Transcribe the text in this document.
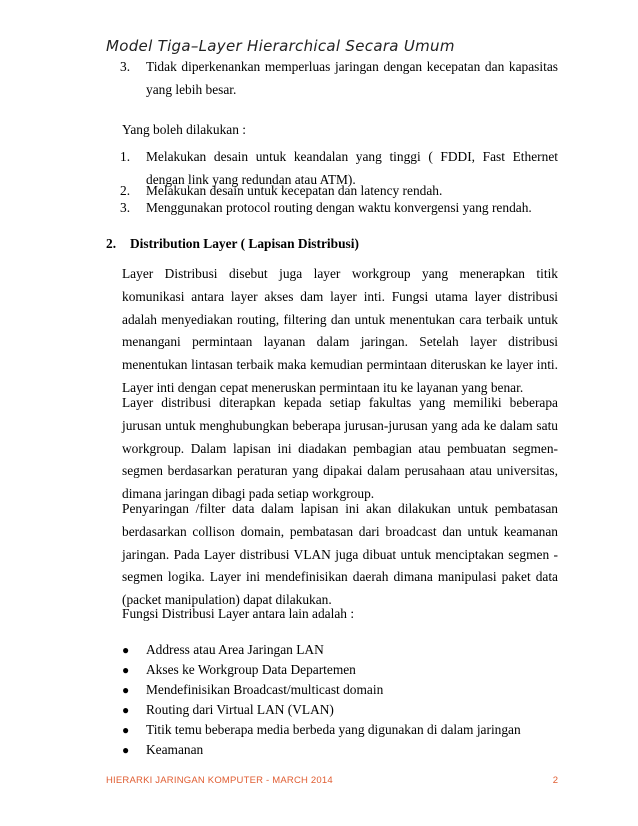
Model Tiga–Layer Hierarchical Secara Umum
3. Tidak diperkenankan memperluas jaringan dengan kecepatan dan kapasitas yang lebih besar.
Yang boleh dilakukan :
1. Melakukan desain untuk keandalan yang tinggi ( FDDI, Fast Ethernet dengan link yang redundan atau ATM).
2. Melakukan desain untuk kecepatan dan latency rendah.
3. Menggunakan protocol routing dengan waktu konvergensi yang rendah.
2. Distribution Layer ( Lapisan Distribusi)
Layer Distribusi disebut juga layer workgroup yang menerapkan titik komunikasi antara layer akses dam layer inti. Fungsi utama layer distribusi adalah menyediakan routing, filtering dan untuk menentukan cara terbaik untuk menangani permintaan layanan dalam jaringan. Setelah layer distribusi menentukan lintasan terbaik maka kemudian permintaan diteruskan ke layer inti. Layer inti dengan cepat meneruskan permintaan itu ke layanan yang benar.
Layer distribusi diterapkan kepada setiap fakultas yang memiliki beberapa jurusan untuk menghubungkan beberapa jurusan-jurusan yang ada ke dalam satu workgroup. Dalam lapisan ini diadakan pembagian atau pembuatan segmen-segmen berdasarkan peraturan yang dipakai dalam perusahaan atau universitas, dimana jaringan dibagi pada setiap workgroup.
Penyaringan /filter data dalam lapisan ini akan dilakukan untuk pembatasan berdasarkan collison domain, pembatasan dari broadcast dan untuk keamanan jaringan. Pada Layer distribusi VLAN juga dibuat untuk menciptakan segmen - segmen logika. Layer ini mendefinisikan daerah dimana manipulasi paket data (packet manipulation) dapat dilakukan.
Fungsi Distribusi Layer antara lain adalah :
● Address atau Area Jaringan LAN
● Akses ke Workgroup Data Departemen
● Mendefinisikan Broadcast/multicast domain
● Routing dari Virtual LAN (VLAN)
● Titik temu beberapa media berbeda yang digunakan di dalam jaringan
● Keamanan
HIERARKI JARINGAN KOMPUTER - MARCH 2014	2
